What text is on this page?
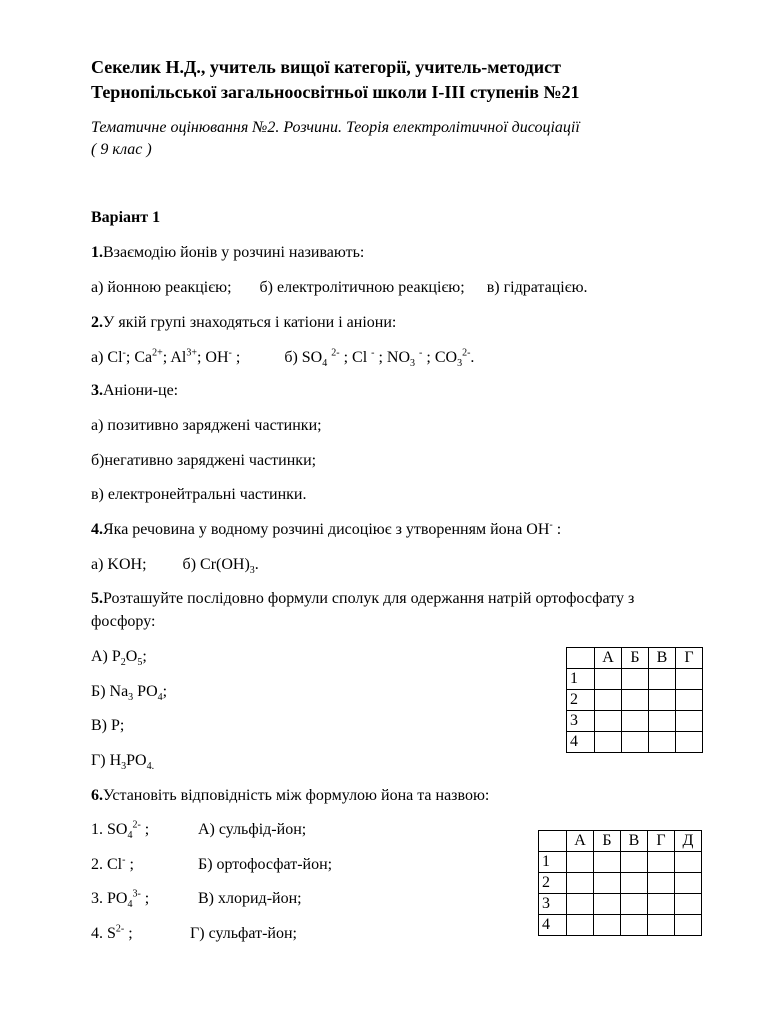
Секелик Н.Д., учитель вищої категорії, учитель-методист
Тернопільської загальноосвітньої школи І-ІІІ ступенів №21
Тематичне оцінювання №2. Розчини. Теорія електролітичної дисоціації
( 9 клас )
Варіант 1
1.Взаємодію йонів у розчині називають:
а) йонною реакцією; б) електролітичною реакцією; в) гідратацією.
2.У якій групі знаходяться і катіони і аніони:
а) Cl-; $Ca^{2+}$; $Al^{3+}$; OH- ;	б) $SO_4$ $^{2-}$ ; Cl - ; $NO_3$ - ; $CO_3^{2-}$.
3.Аніони-це:
а) позитивно заряджені частинки;
б)негативно заряджені частинки;
в) електронейтральні частинки.
4.Яка речовина у водному розчині дисоціює з утворенням йона OH- :
а) KOH; б) $Cr(OH)_3$.
5.Розташуйте послідовно формули сполук для одержання натрій ортофосфату з
фосфору:
А) $P_2O_5$;
Б) $Na_3$ $PO_4$;
В) P;
Г) $H_3PO_{4.}$
	А	Б	В	Г
1				
2				
3				
4				
6.Установіть відповідність між формулою йона та назвою:
1. $SO_4^{2-}$ ;
2. Cl- ;
3. $PO_4^{3-}$ ;
4. $S^{2-}$ ;
А) сульфід-йон;
Б) ортофосфат-йон;
В) хлорид-йон;
Г) сульфат-йон;
	А	Б	В	Г	Д
1					
2					
3					
4					
